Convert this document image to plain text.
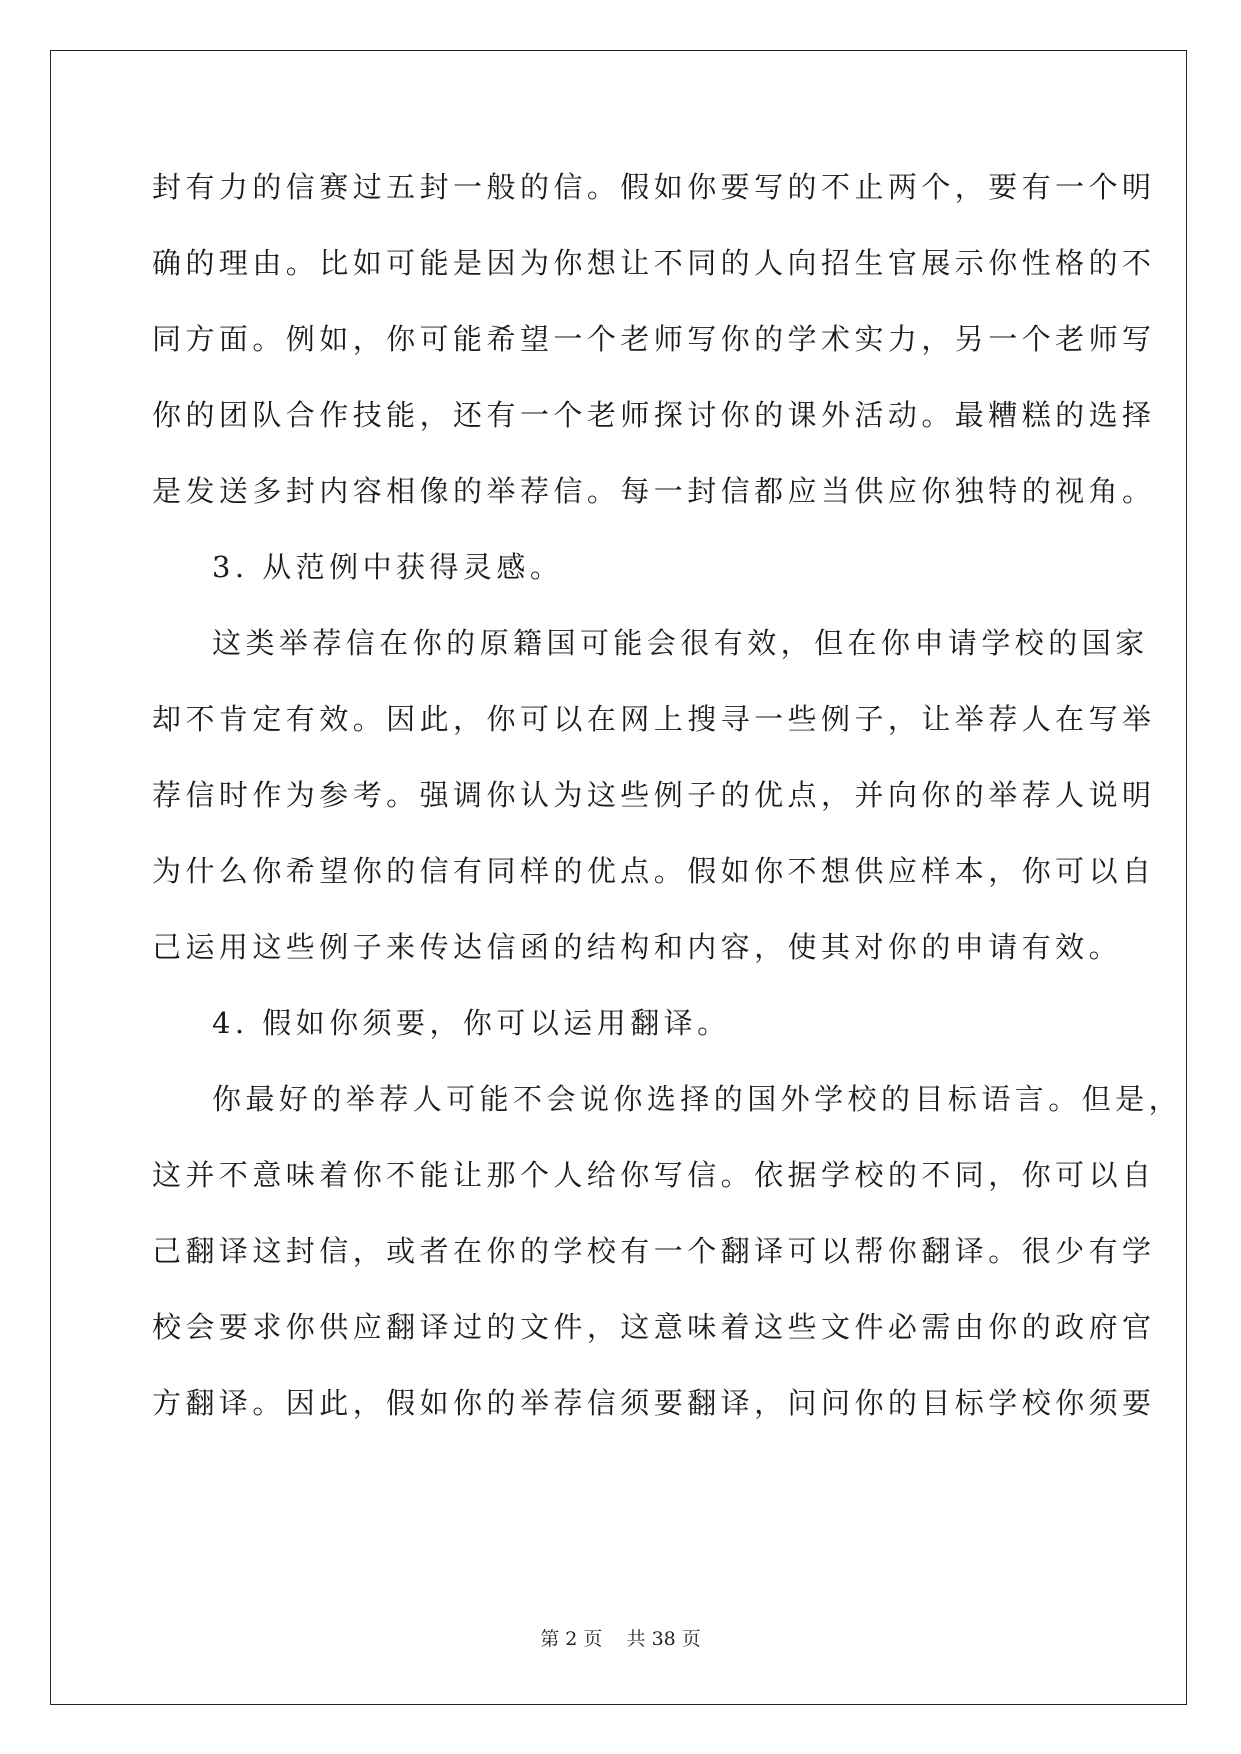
封有力的信赛过五封一般的信。假如你要写的不止两个，要有一个明
确的理由。比如可能是因为你想让不同的人向招生官展示你性格的不
同方面。例如，你可能希望一个老师写你的学术实力，另一个老师写
你的团队合作技能，还有一个老师探讨你的课外活动。最糟糕的选择
是发送多封内容相像的举荐信。每一封信都应当供应你独特的视角。
3. 从范例中获得灵感。
这类举荐信在你的原籍国可能会很有效，但在你申请学校的国家
却不肯定有效。因此，你可以在网上搜寻一些例子，让举荐人在写举
荐信时作为参考。强调你认为这些例子的优点，并向你的举荐人说明
为什么你希望你的信有同样的优点。假如你不想供应样本，你可以自
己运用这些例子来传达信函的结构和内容，使其对你的申请有效。
4. 假如你须要，你可以运用翻译。
你最好的举荐人可能不会说你选择的国外学校的目标语言。但是，
这并不意味着你不能让那个人给你写信。依据学校的不同，你可以自
己翻译这封信，或者在你的学校有一个翻译可以帮你翻译。很少有学
校会要求你供应翻译过的文件，这意味着这些文件必需由你的政府官
方翻译。因此，假如你的举荐信须要翻译，问问你的目标学校你须要
第 2 页    共 38 页
